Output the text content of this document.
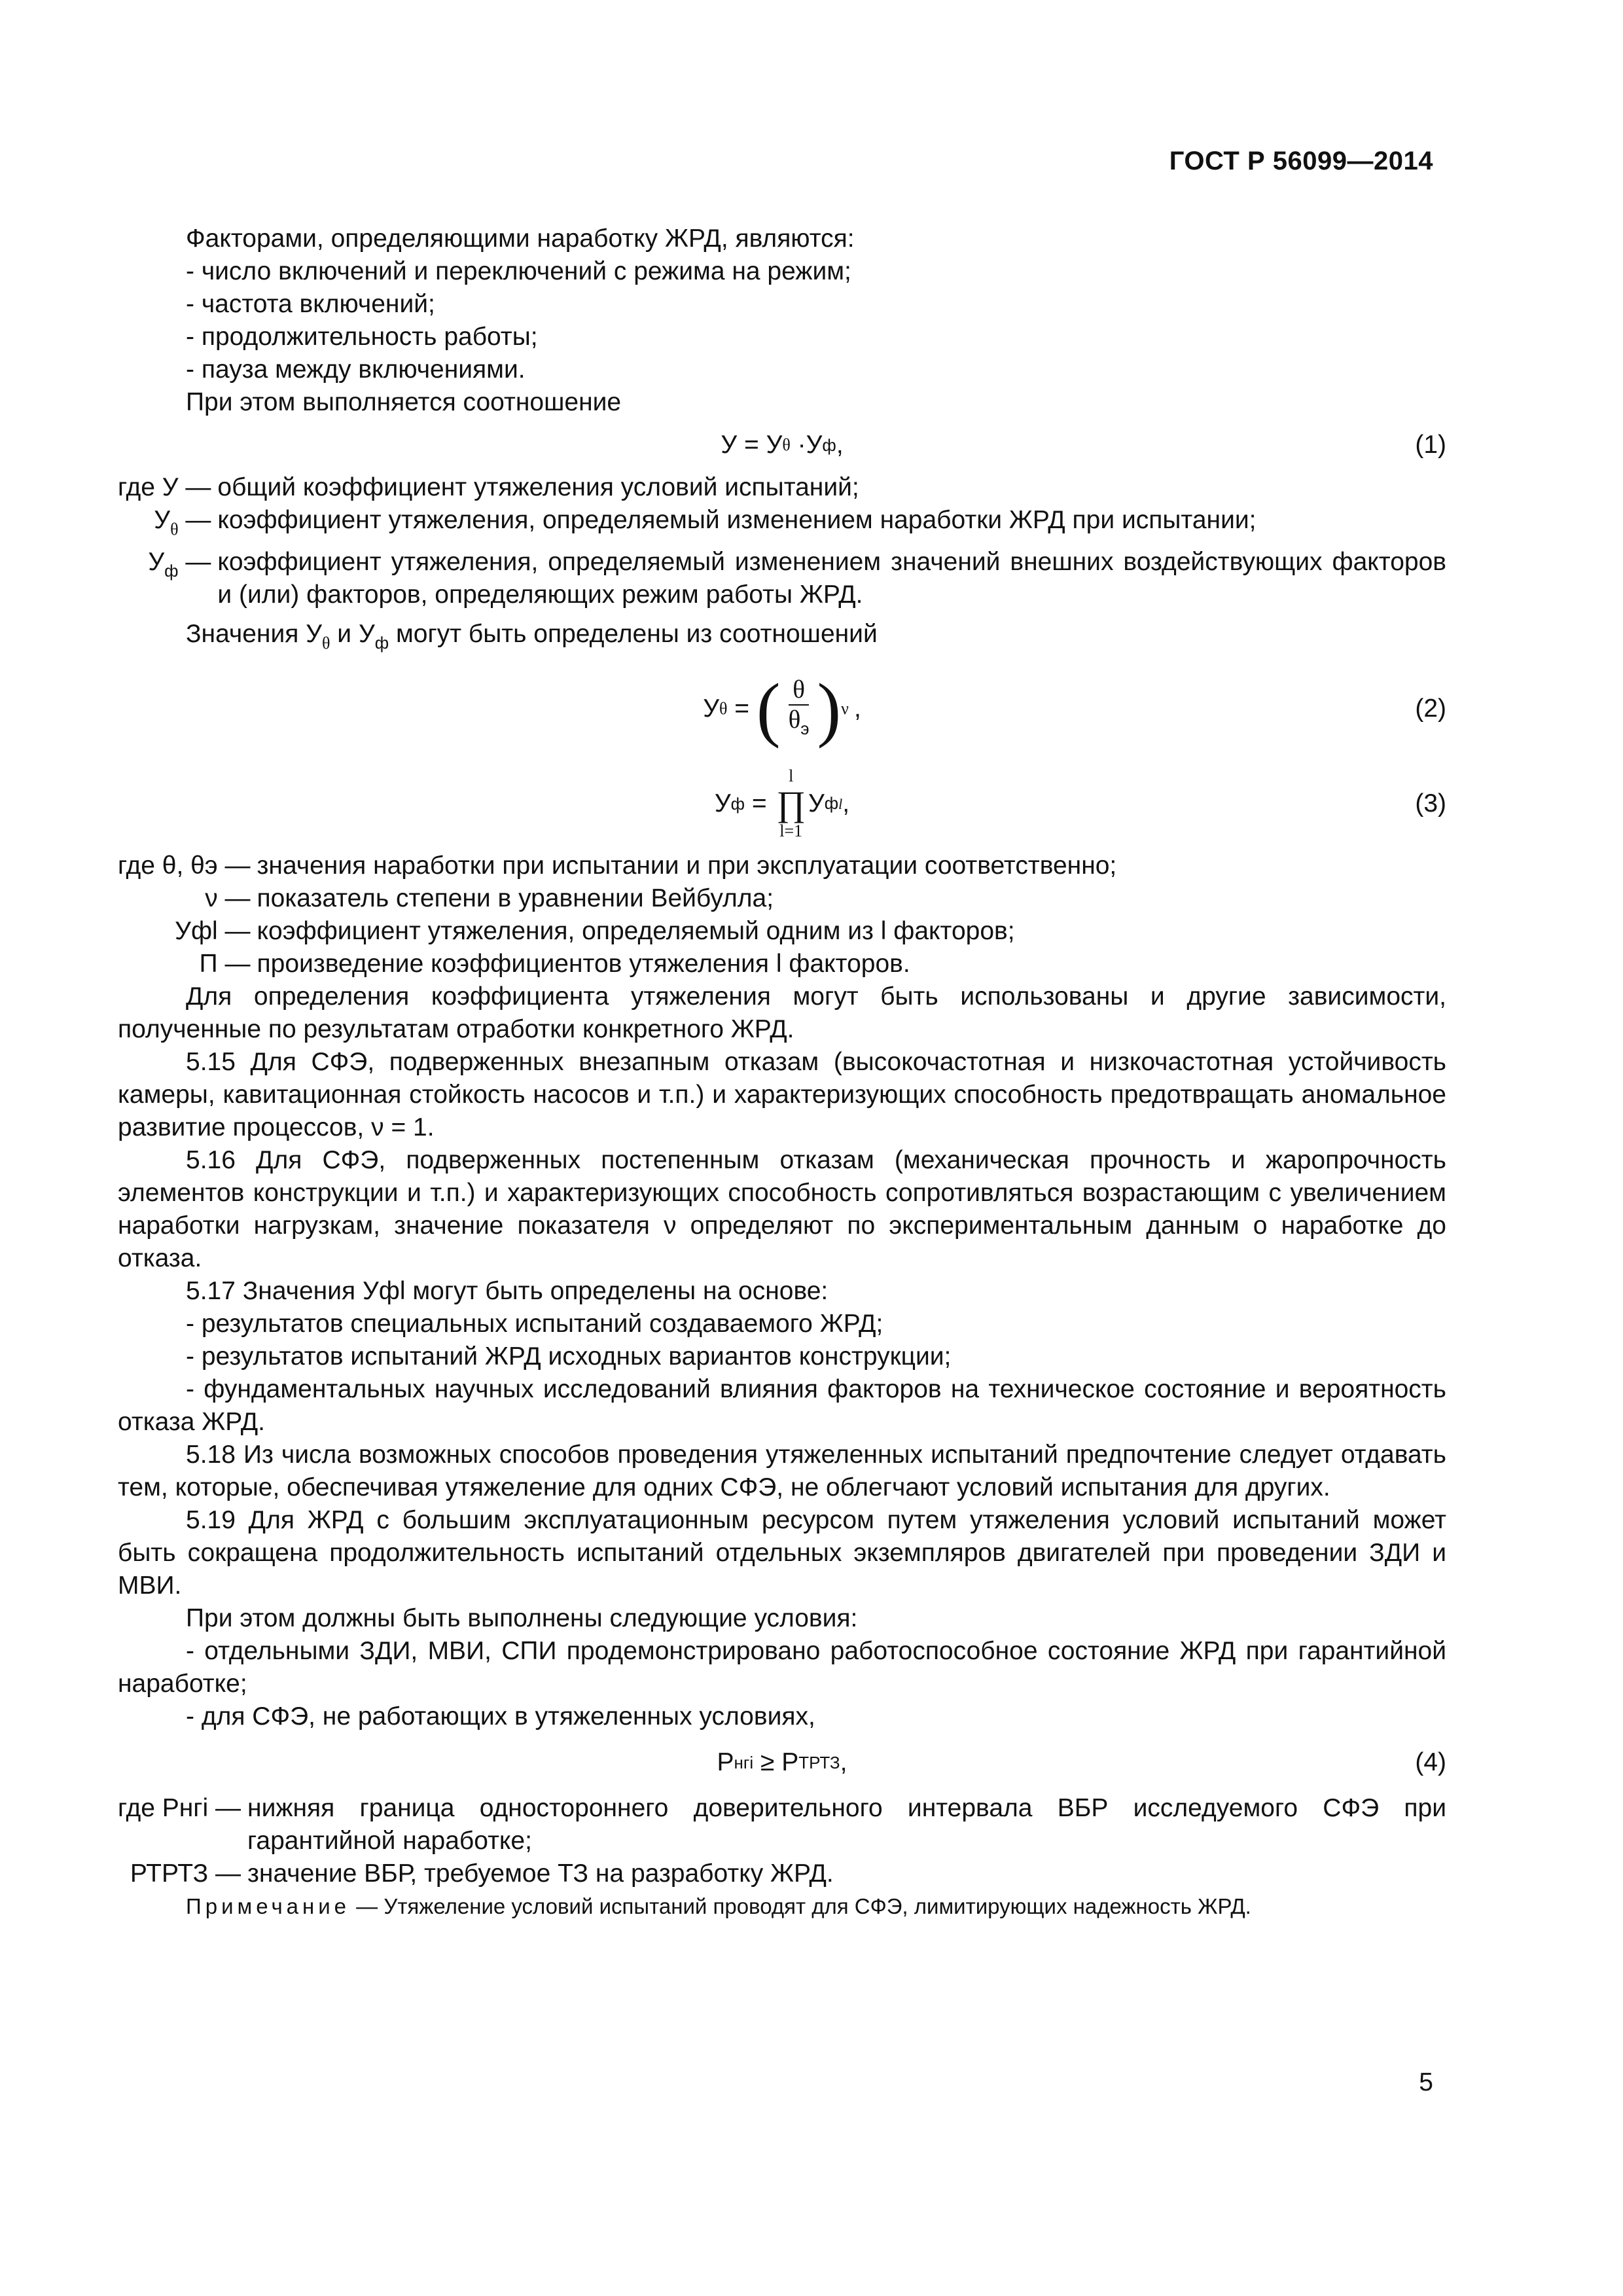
ГОСТ Р 56099—2014

Факторами, определяющими наработку ЖРД, являются:

- число включений и переключений с режима на режим;

- частота включений;

- продолжительность работы;

- пауза между включениями.

При этом выполняется соотношение

У = У θ · У ф ,	(1)
где У —	общий коэффициент утяжеления условий испытаний;
$У_\theta$ —	коэффициент утяжеления, определяемый изменением наработки ЖРД при испытании;
$У_ф$ —	коэффициент утяжеления, определяемый изменением значений внешних воздействующих факторов и (или) факторов, определяющих режим работы ЖРД.

Значения $У_\theta$ и $У_ф$ могут быть определены из соотношений

У θ = ( $\frac{\theta}{\theta_э}$ ) ν ,	(2)
У ф =
l
∏
l=1
У фl ,	(3)
где θ, θэ —	значения наработки при испытании и при эксплуатации соответственно;
ν —	показатель степени в уравнении Вейбулла;
Уфl —	коэффициент утяжеления, определяемый одним из l факторов;
Π —	произведение коэффициентов утяжеления l факторов.

Для определения коэффициента утяжеления могут быть использованы и другие зависимости, полученные по результатам отработки конкретного ЖРД.

5.15 Для СФЭ, подверженных внезапным отказам (высокочастотная и низкочастотная устойчивость камеры, кавитационная стойкость насосов и т.п.) и характеризующих способность предотвращать аномальное развитие процессов, ν = 1.

5.16 Для СФЭ, подверженных постепенным отказам (механическая прочность и жаропрочность элементов конструкции и т.п.) и характеризующих способность сопротивляться возрастающим с увеличением наработки нагрузкам, значение показателя ν определяют по экспериментальным данным о наработке до отказа.

5.17 Значения Уфl могут быть определены на основе:

- результатов специальных испытаний создаваемого ЖРД;

- результатов испытаний ЖРД исходных вариантов конструкции;

- фундаментальных научных исследований влияния факторов на техническое состояние и вероятность отказа ЖРД.

5.18 Из числа возможных способов проведения утяжеленных испытаний предпочтение следует отдавать тем, которые, обеспечивая утяжеление для одних СФЭ, не облегчают условий испытания для других.

5.19 Для ЖРД с большим эксплуатационным ресурсом путем утяжеления условий испытаний может быть сокращена продолжительность испытаний отдельных экземпляров двигателей при проведении ЗДИ и МВИ.

При этом должны быть выполнены следующие условия:

- отдельными ЗДИ, МВИ, СПИ продемонстрировано работоспособное состояние ЖРД при гарантийной наработке;

- для СФЭ, не работающих в утяжеленных условиях,

Р нгi ≥ Р ТРТЗ ,	(4)
где Рнгi —	нижняя граница одностороннего доверительного интервала ВБР исследуемого СФЭ при гарантийной наработке;
РТРТЗ —	значение ВБР, требуемое ТЗ на разработку ЖРД.

Примечание — Утяжеление условий испытаний проводят для СФЭ, лимитирующих надежность ЖРД.

5
